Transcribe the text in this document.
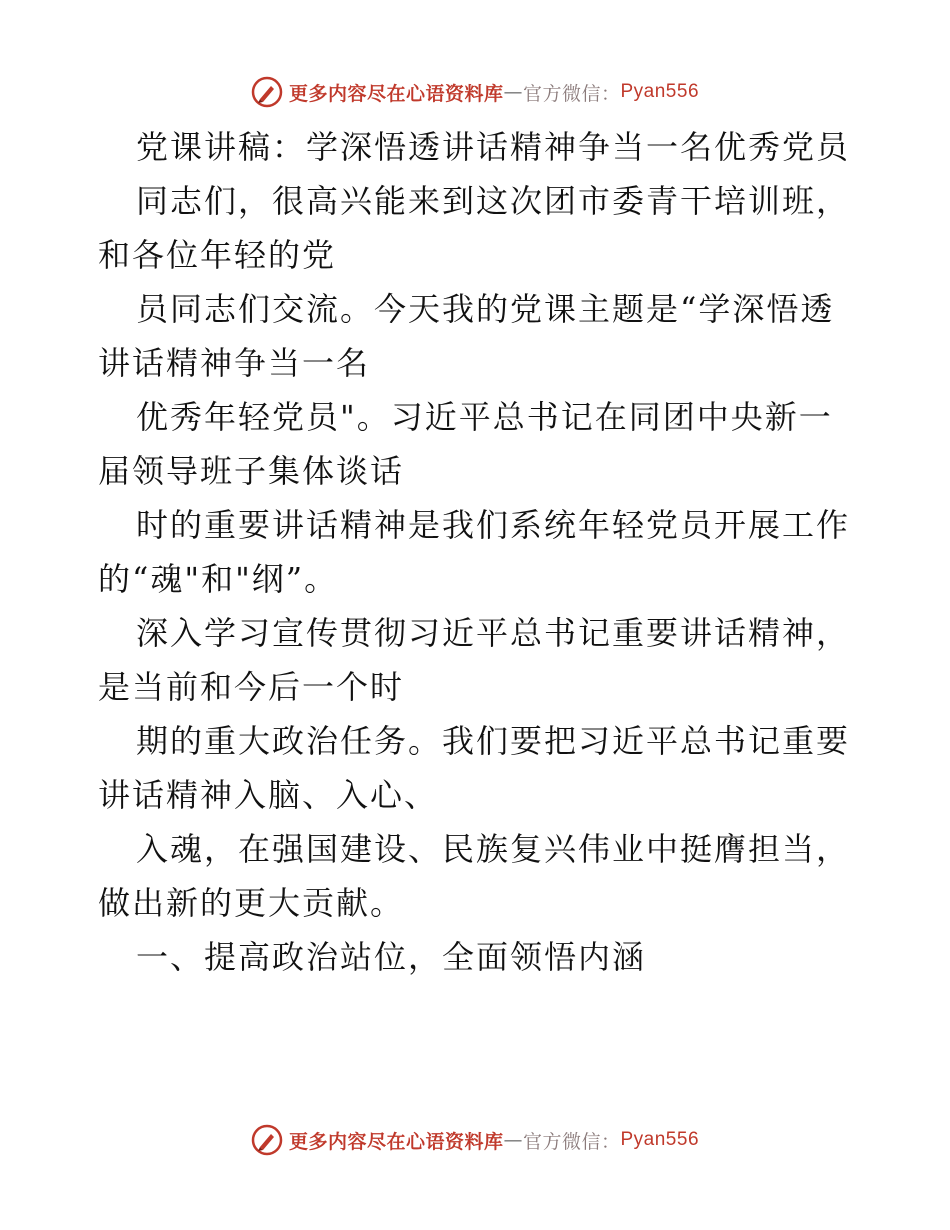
更多内容尽在心语资料库 — 官方微信： Pyan556
党课讲稿：学深悟透讲话精神争当一名优秀党员
同志们，很高兴能来到这次团市委青干培训班，
和各位年轻的党
员同志们交流。今天我的党课主题是“学深悟透
讲话精神争当一名
优秀年轻党员"。习近平总书记在同团中央新一
届领导班子集体谈话
时的重要讲话精神是我们系统年轻党员开展工作
的“魂"和"纲”。
深入学习宣传贯彻习近平总书记重要讲话精神，
是当前和今后一个时
期的重大政治任务。我们要把习近平总书记重要
讲话精神入脑、入心、
入魂，在强国建设、民族复兴伟业中挺膺担当，
做出新的更大贡献。
一、提高政治站位，全面领悟内涵
更多内容尽在心语资料库 — 官方微信： Pyan556
